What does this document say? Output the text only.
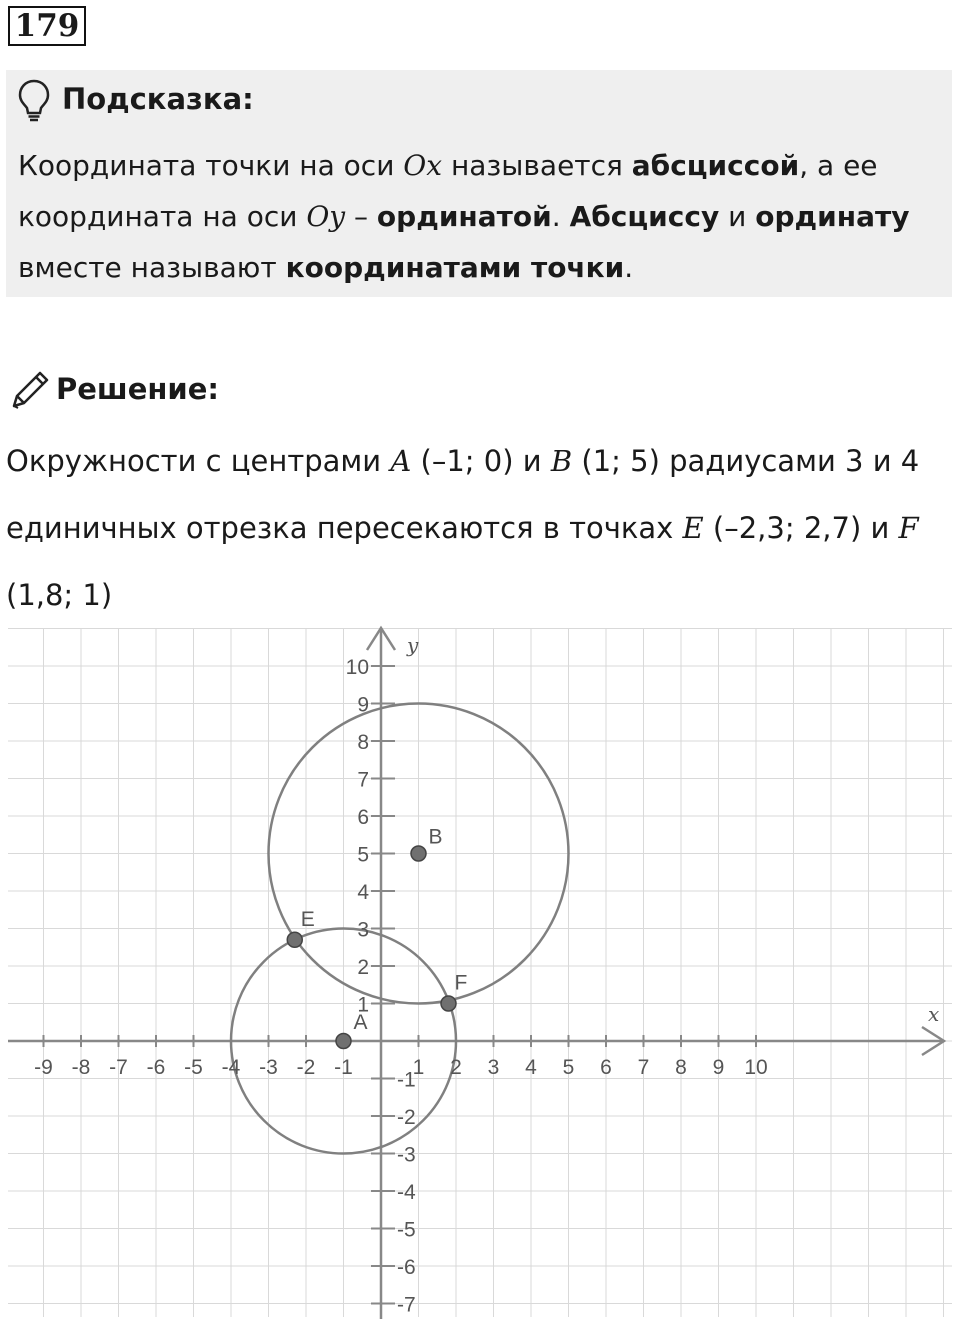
179
Подсказка:
Координата точки на оси Ox называется абсциссой, а ее координата на оси Oy – ординатой. Абсциссу и ординату вместе называют координатами точки.
Решение:
Окружности с центрами A (–1; 0) и B (1; 5) радиусами 3 и 4 единичных отрезка пересекаются в точках E (–2,3; 2,7) и F (1,8; 1)
A
B
E
F
-9 -8 -7 -6 -5 -4 -3 -2 -1	1 2 3 4 5 6 7 8 9 10
-7
-6
-5
-4
-3
-2
-1
1
2
3
4
5
6
7
8
9
10
x
y
